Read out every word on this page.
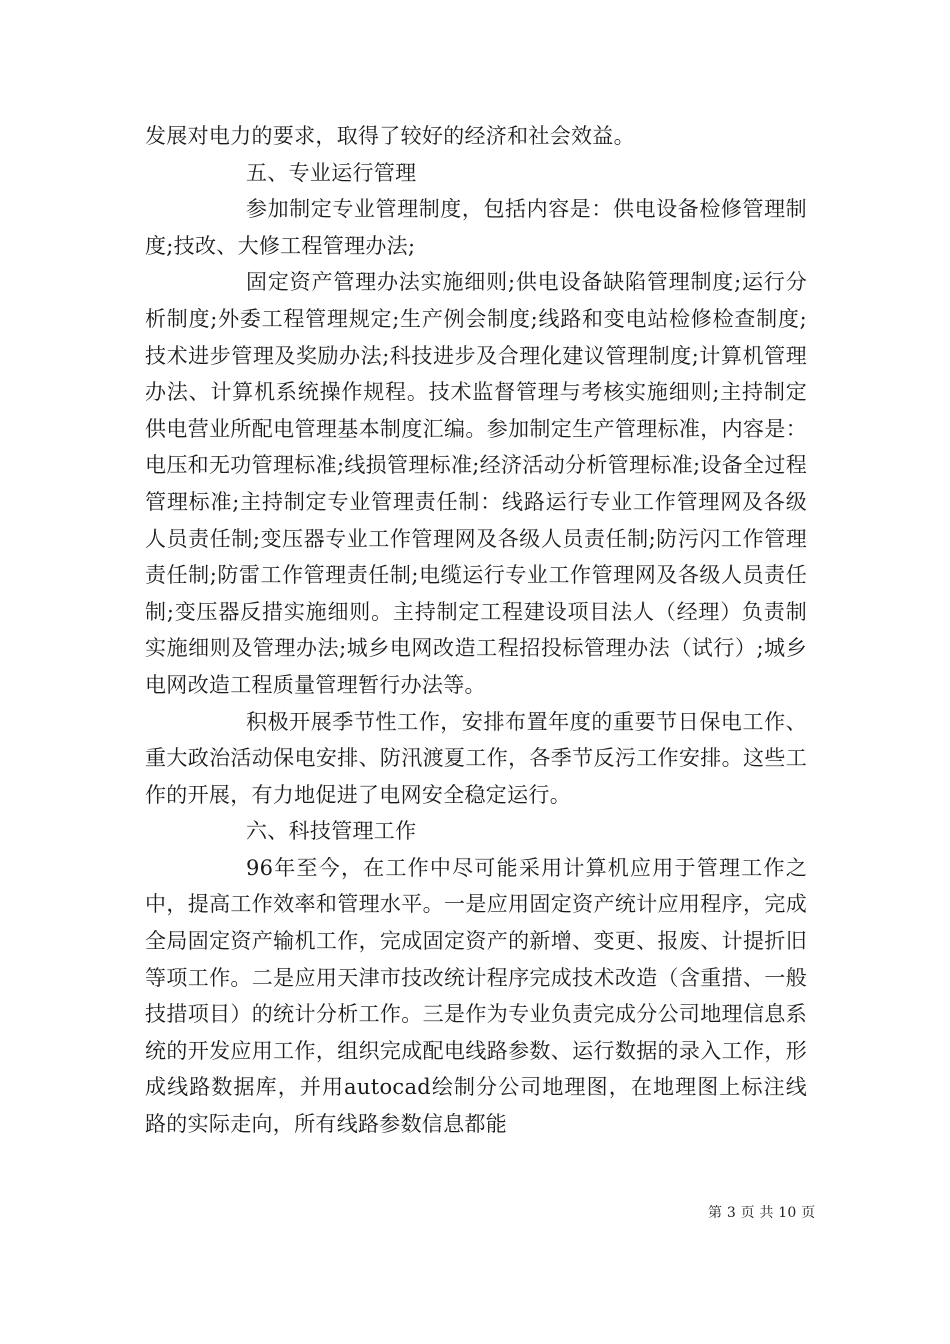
发展对电力的要求，取得了较好的经济和社会效益。

五、专业运行管理

参加制定专业管理制度，包括内容是：供电设备检修管理制度;技改、大修工程管理办法;

固定资产管理办法实施细则;供电设备缺陷管理制度;运行分析制度;外委工程管理规定;生产例会制度;线路和变电站检修检查制度;技术进步管理及奖励办法;科技进步及合理化建议管理制度;计算机管理办法、计算机系统操作规程。技术监督管理与考核实施细则;主持制定供电营业所配电管理基本制度汇编。参加制定生产管理标准，内容是：电压和无功管理标准;线损管理标准;经济活动分析管理标准;设备全过程管理标准;主持制定专业管理责任制：线路运行专业工作管理网及各级人员责任制;变压器专业工作管理网及各级人员责任制;防污闪工作管理责任制;防雷工作管理责任制;电缆运行专业工作管理网及各级人员责任制;变压器反措实施细则。主持制定工程建设项目法人（经理）负责制实施细则及管理办法;城乡电网改造工程招投标管理办法（试行）;城乡电网改造工程质量管理暂行办法等。

积极开展季节性工作，安排布置年度的重要节日保电工作、重大政治活动保电安排、防汛渡夏工作，各季节反污工作安排。这些工作的开展，有力地促进了电网安全稳定运行。

六、科技管理工作

96年至今，在工作中尽可能采用计算机应用于管理工作之中，提高工作效率和管理水平。一是应用固定资产统计应用程序，完成全局固定资产输机工作，完成固定资产的新增、变更、报废、计提折旧等项工作。二是应用天津市技改统计程序完成技术改造（含重措、一般技措项目）的统计分析工作。三是作为专业负责完成分公司地理信息系统的开发应用工作，组织完成配电线路参数、运行数据的录入工作，形成线路数据库，并用autocad绘制分公司地理图，在地理图上标注线路的实际走向，所有线路参数信息都能

第 3 页 共 10 页
